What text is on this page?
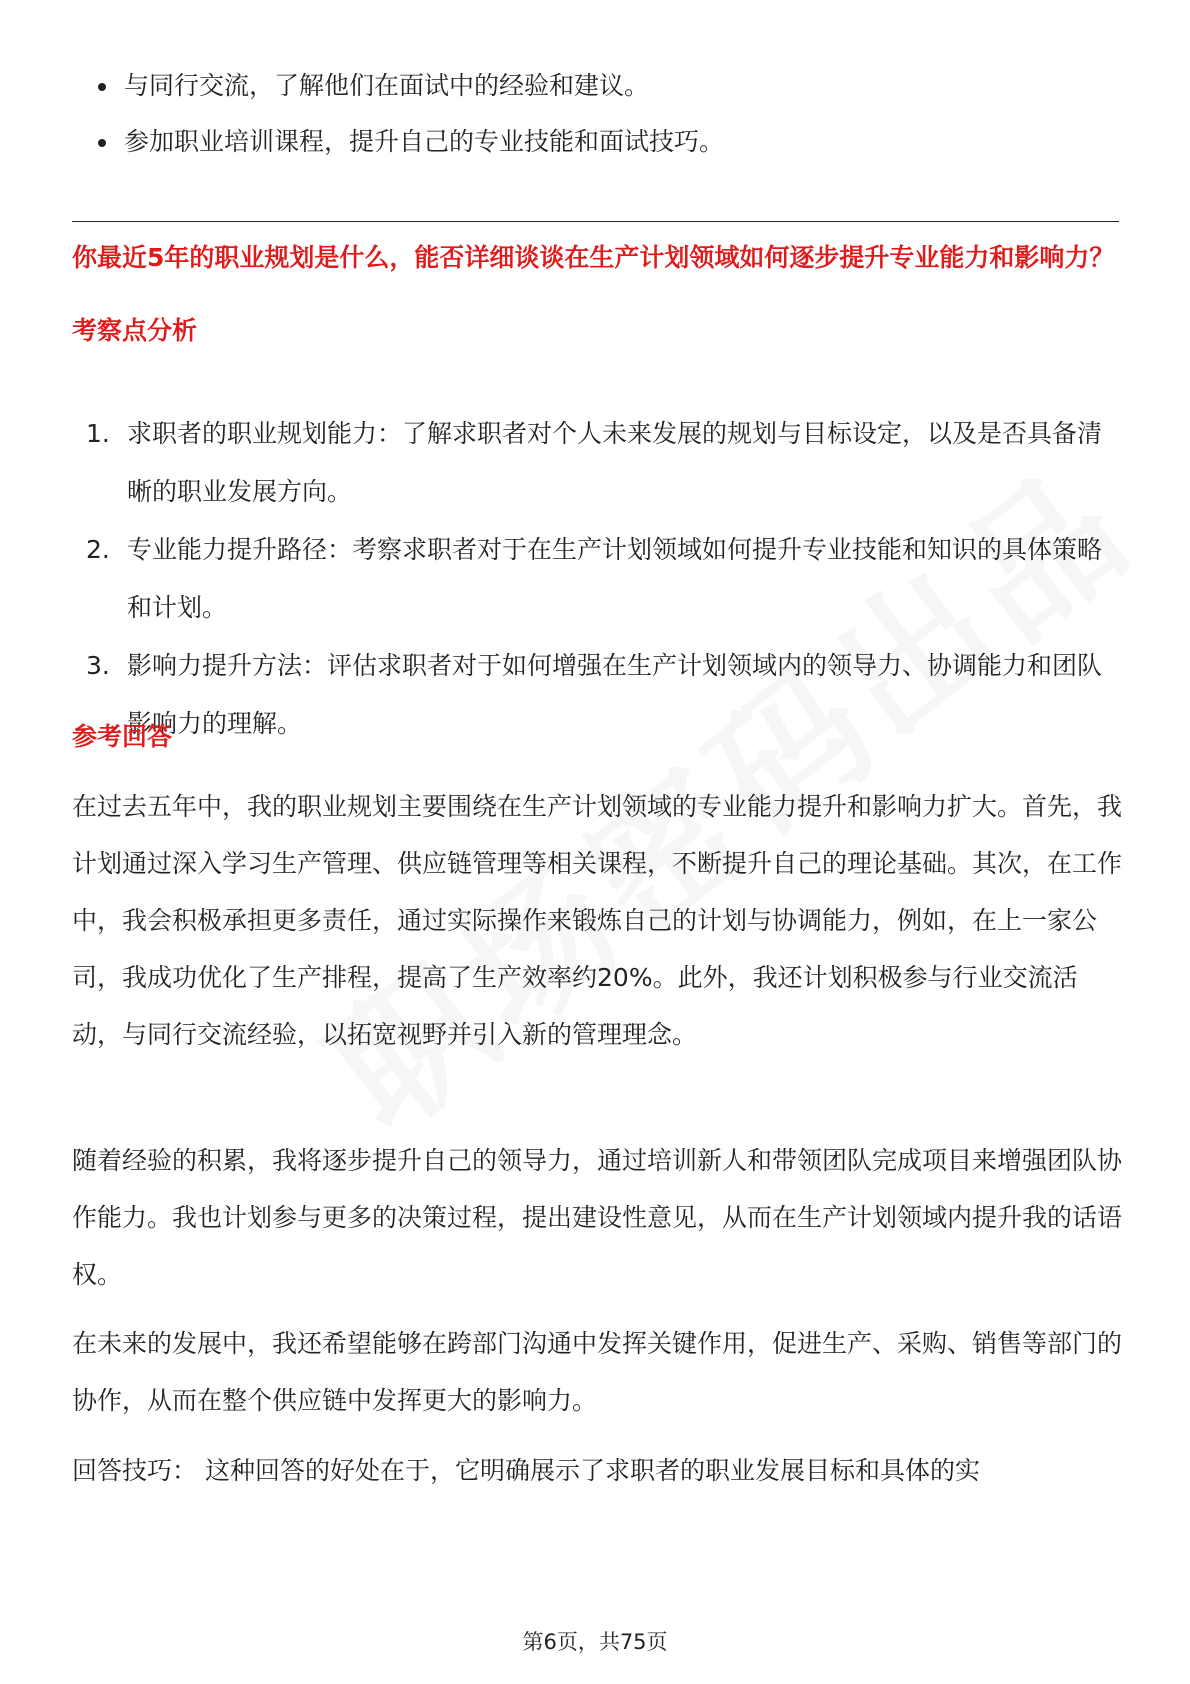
与同行交流，了解他们在面试中的经验和建议。
参加职业培训课程，提升自己的专业技能和面试技巧。
你最近5年的职业规划是什么，能否详细谈谈在生产计划领域如何逐步提升专业能力和影响力？
考察点分析
1. 求职者的职业规划能力：了解求职者对个人未来发展的规划与目标设定，以及是否具备清晰的职业发展方向。
2. 专业能力提升路径：考察求职者对于在生产计划领域如何提升专业技能和知识的具体策略和计划。
3. 影响力提升方法：评估求职者对于如何增强在生产计划领域内的领导力、协调能力和团队影响力的理解。
参考回答
在过去五年中，我的职业规划主要围绕在生产计划领域的专业能力提升和影响力扩大。首先，我计划通过深入学习生产管理、供应链管理等相关课程，不断提升自己的理论基础。其次，在工作中，我会积极承担更多责任，通过实际操作来锻炼自己的计划与协调能力，例如，在上一家公司，我成功优化了生产排程，提高了生产效率约20%。此外，我还计划积极参与行业交流活动，与同行交流经验，以拓宽视野并引入新的管理理念。
随着经验的积累，我将逐步提升自己的领导力，通过培训新人和带领团队完成项目来增强团队协作能力。我也计划参与更多的决策过程，提出建设性意见，从而在生产计划领域内提升我的话语权。
在未来的发展中，我还希望能够在跨部门沟通中发挥关键作用，促进生产、采购、销售等部门的协作，从而在整个供应链中发挥更大的影响力。
回答技巧： 这种回答的好处在于，它明确展示了求职者的职业发展目标和具体的实
第6页，共75页
